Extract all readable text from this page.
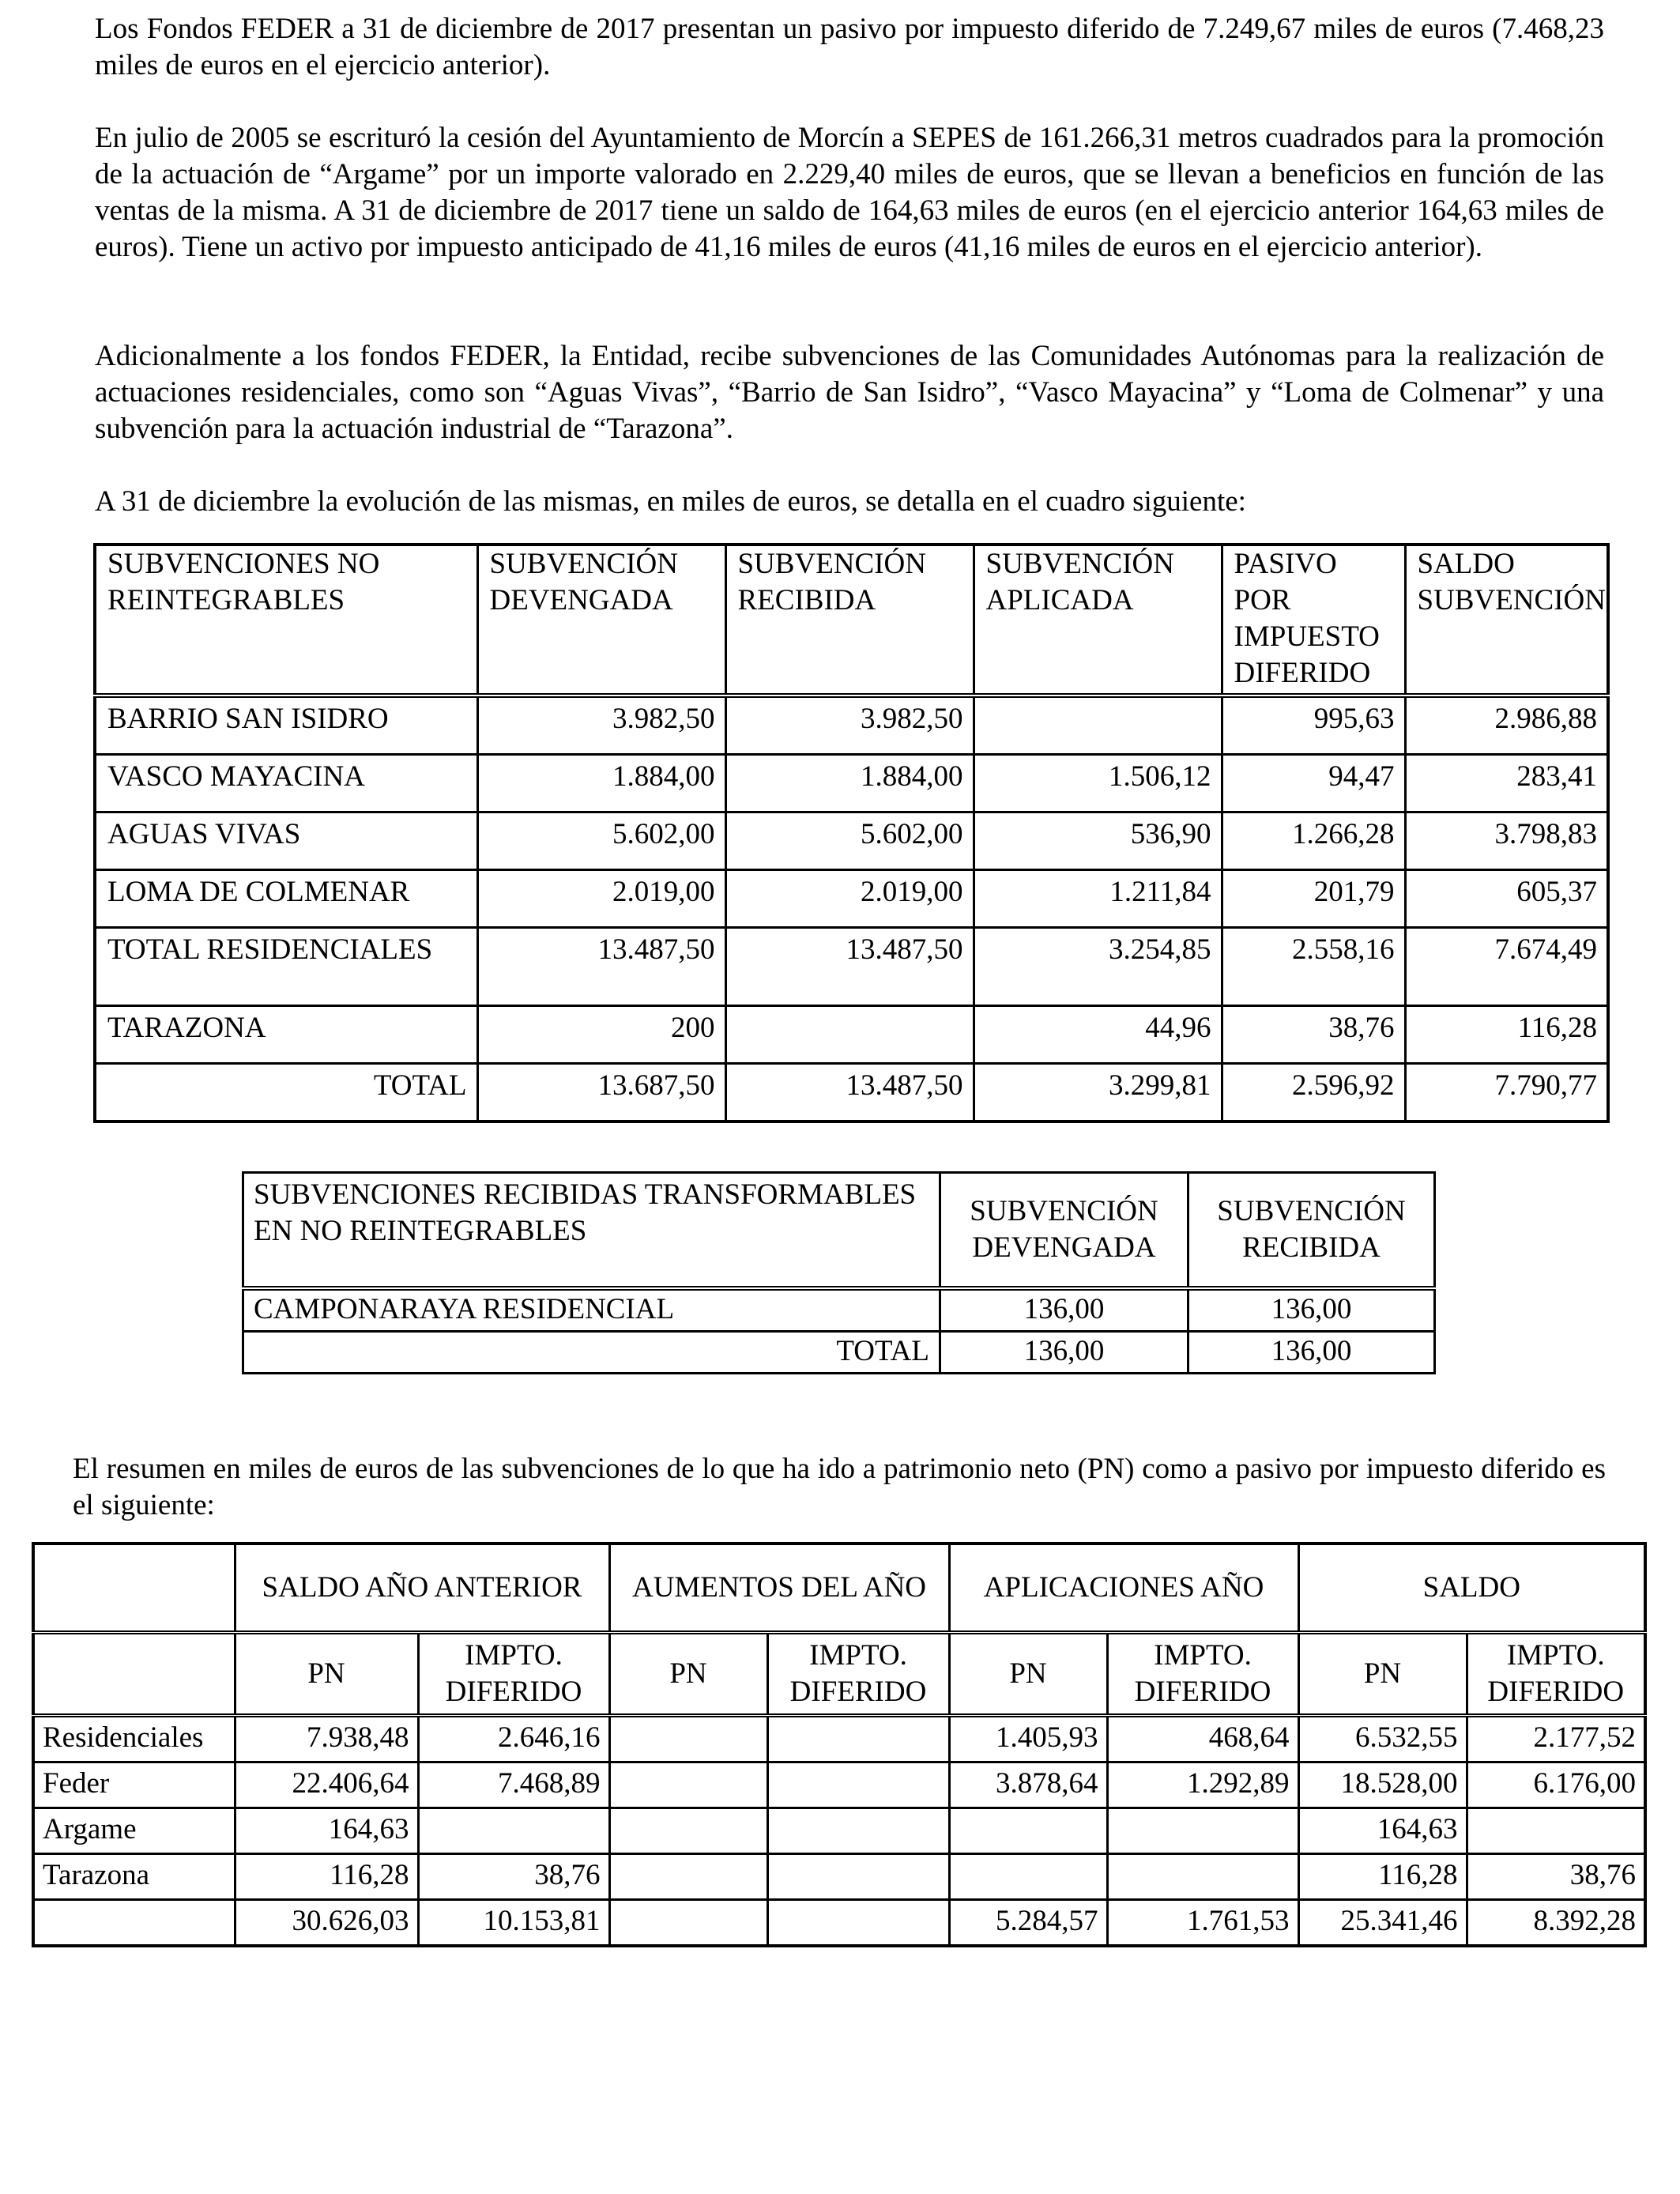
Los Fondos FEDER a 31 de diciembre de 2017 presentan un pasivo por impuesto diferido de 7.249,67 miles de euros (7.468,23 miles de euros en el ejercicio anterior).

En julio de 2005 se escrituró la cesión del Ayuntamiento de Morcín a SEPES de 161.266,31 metros cuadrados para la promoción de la actuación de “Argame” por un importe valorado en 2.229,40 miles de euros, que se llevan a beneficios en función de las ventas de la misma. A 31 de diciembre de 2017 tiene un saldo de 164,63 miles de euros (en el ejercicio anterior 164,63 miles de euros). Tiene un activo por impuesto anticipado de 41,16 miles de euros (41,16 miles de euros en el ejercicio anterior).

Adicionalmente a los fondos FEDER, la Entidad, recibe subvenciones de las Comunidades Autónomas para la realización de actuaciones residenciales, como son “Aguas Vivas”, “Barrio de San Isidro”, “Vasco Mayacina” y “Loma de Colmenar” y una subvención para la actuación industrial de “Tarazona”.

A 31 de diciembre la evolución de las mismas, en miles de euros, se detalla en el cuadro siguiente:

SUBVENCIONES NO REINTEGRABLES	SUBVENCIÓN DEVENGADA	SUBVENCIÓN RECIBIDA	SUBVENCIÓN APLICADA	PASIVO POR IMPUESTO DIFERIDO	SALDO SUBVENCIÓN
BARRIO SAN ISIDRO	3.982,50	3.982,50		995,63	2.986,88
VASCO MAYACINA	1.884,00	1.884,00	1.506,12	94,47	283,41
AGUAS VIVAS	5.602,00	5.602,00	536,90	1.266,28	3.798,83
LOMA DE COLMENAR	2.019,00	2.019,00	1.211,84	201,79	605,37
TOTAL RESIDENCIALES	13.487,50	13.487,50	3.254,85	2.558,16	7.674,49
TARAZONA	200		44,96	38,76	116,28
TOTAL	13.687,50	13.487,50	3.299,81	2.596,92	7.790,77
SUBVENCIONES RECIBIDAS TRANSFORMABLES EN NO REINTEGRABLES	SUBVENCIÓN DEVENGADA	SUBVENCIÓN RECIBIDA
CAMPONARAYA RESIDENCIAL	136,00	136,00
TOTAL	136,00	136,00

El resumen en miles de euros de las subvenciones de lo que ha ido a patrimonio neto (PN) como a pasivo por impuesto diferido es el siguiente:

	SALDO AÑO ANTERIOR		AUMENTOS DEL AÑO		APLICACIONES AÑO		SALDO	
	PN	IMPTO. DIFERIDO	PN	IMPTO. DIFERIDO	PN	IMPTO. DIFERIDO	PN	IMPTO. DIFERIDO
Residenciales	7.938,48	2.646,16			1.405,93	468,64	6.532,55	2.177,52
Feder	22.406,64	7.468,89			3.878,64	1.292,89	18.528,00	6.176,00
Argame	164,63						164,63	
Tarazona	116,28	38,76					116,28	38,76
	30.626,03	10.153,81			5.284,57	1.761,53	25.341,46	8.392,28
